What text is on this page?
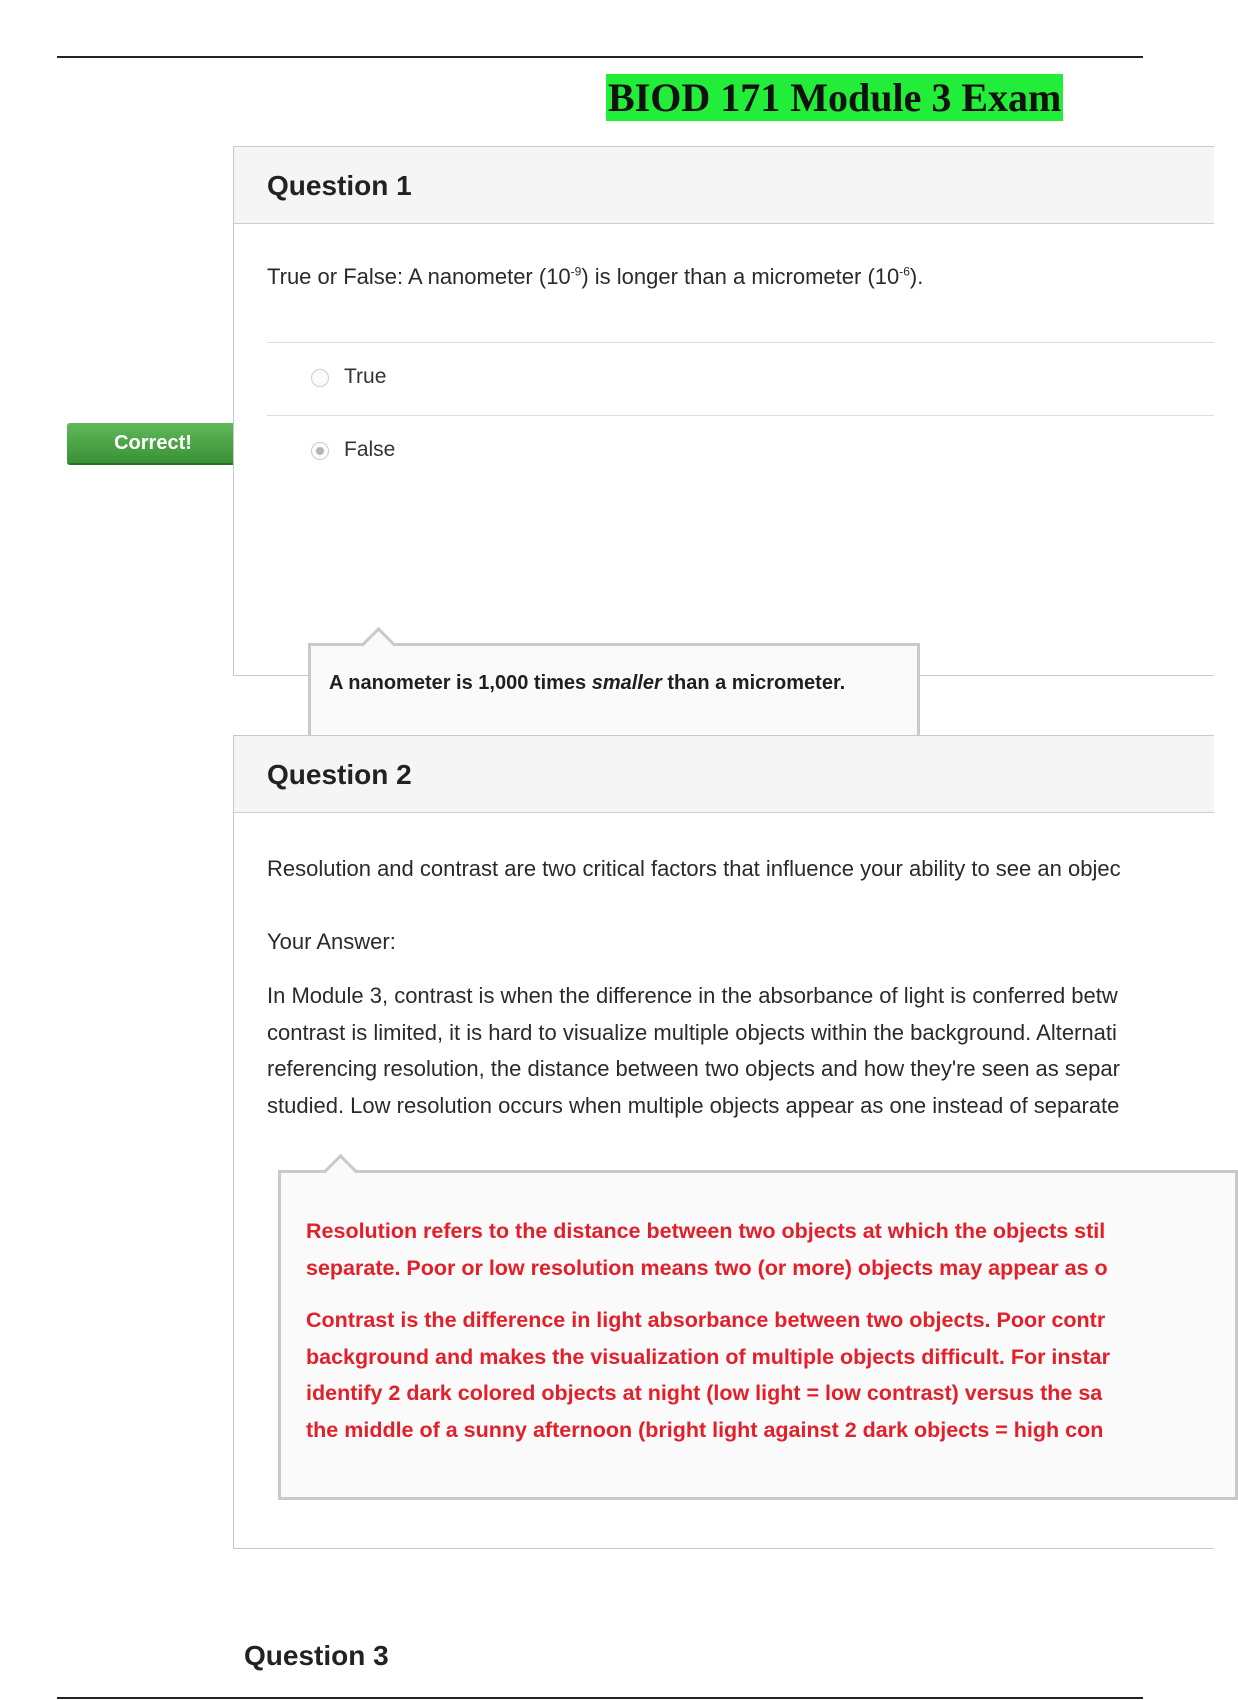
BIOD 171 Module 3 Exam
Correct!
Question 1
True or False: A nanometer $(10^{-9})$ is longer than a micrometer $(10^{-6})$.
True
False
A nanometer is 1,000 times smaller than a micrometer.
Question 2
Resolution and contrast are two critical factors that influence your ability to see an objec
Your Answer:
In Module 3, contrast is when the difference in the absorbance of light is conferred betw
contrast is limited, it is hard to visualize multiple objects within the background. Alternati
referencing resolution, the distance between two objects and how they're seen as separ
studied. Low resolution occurs when multiple objects appear as one instead of separate
Resolution refers to the distance between two objects at which the objects stil
separate. Poor or low resolution means two (or more) objects may appear as o
Contrast is the difference in light absorbance between two objects. Poor contr
background and makes the visualization of multiple objects difficult. For instar
identify 2 dark colored objects at night (low light = low contrast) versus the sa
the middle of a sunny afternoon (bright light against 2 dark objects = high con
Question 3
